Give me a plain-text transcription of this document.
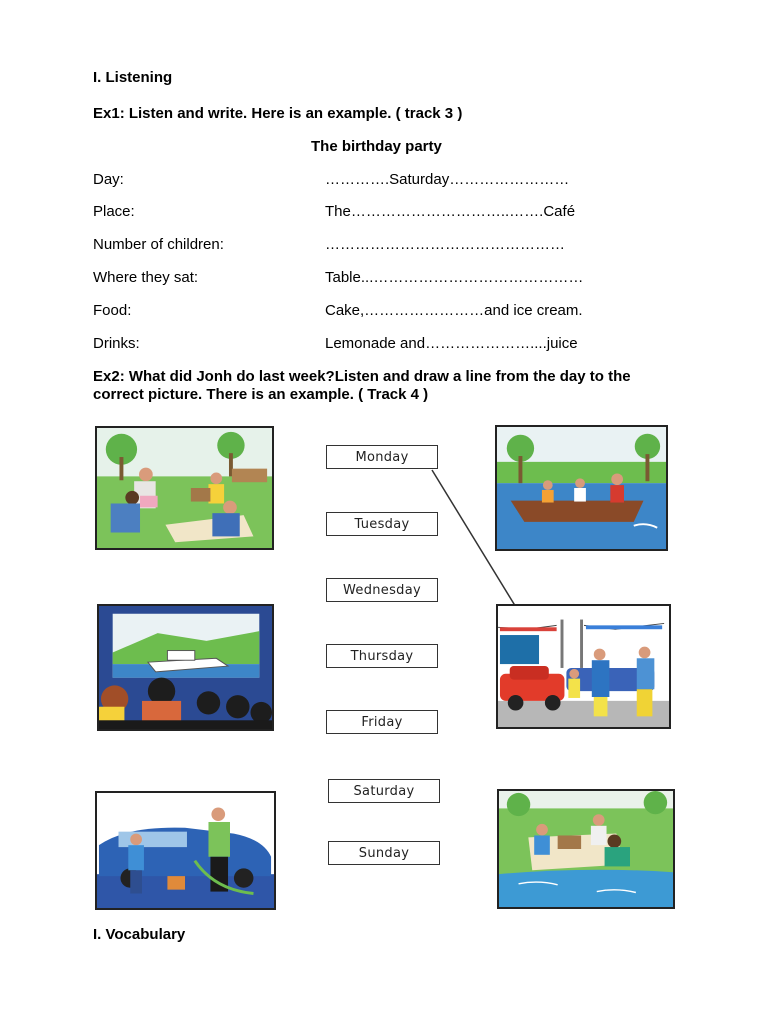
I. Listening
Ex1: Listen and write. Here is an example. ( track 3 )
The birthday party
Day:	………….Saturday……………………
Place:	The…………………………..…….Café
Number of children:	…………………………………………
Where they sat:	Table...……………………………………
Food:	Cake,……………………and ice cream.
Drinks:	Lemonade and…………………....juice
Ex2: What did Jonh do last week?Listen and draw a line from the day to the correct picture. There is an example. ( Track 4 )
Monday
Tuesday
Wednesday
Thursday
Friday
Saturday
Sunday
I. Vocabulary
